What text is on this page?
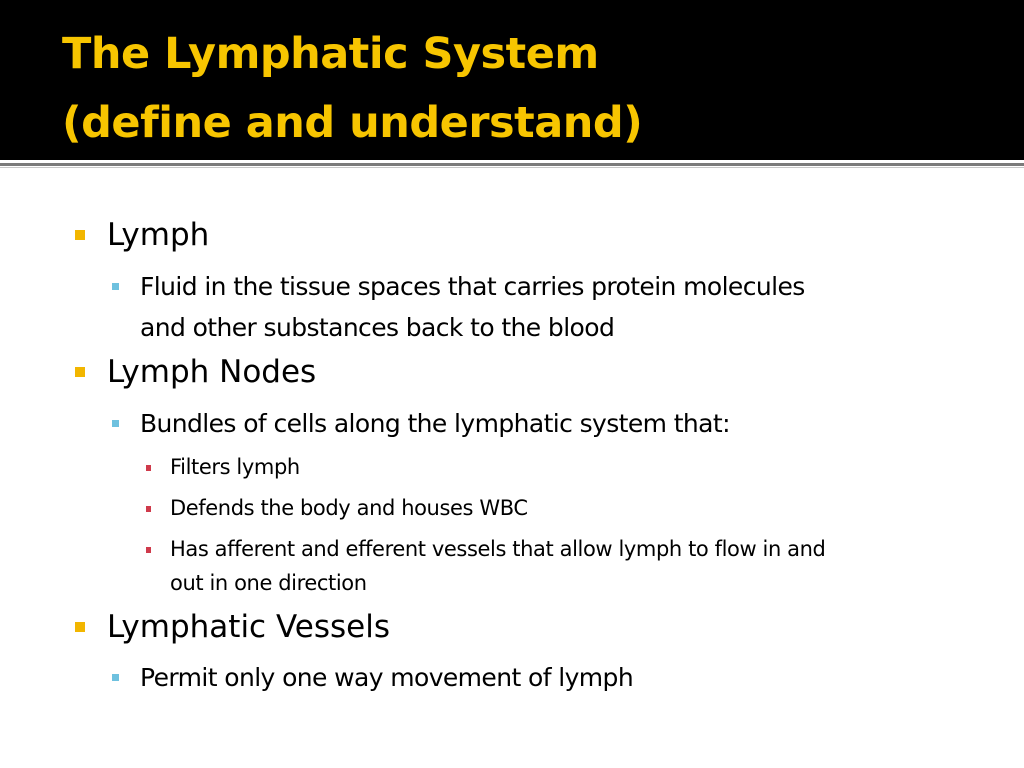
The Lymphatic System
(define and understand)
Lymph
Fluid in the tissue spaces that carries protein molecules
and other substances back to the blood
Lymph Nodes
Bundles of cells along the lymphatic system that:
Filters lymph
Defends the body and houses WBC
Has afferent and efferent vessels that allow lymph to flow in and
out in one direction
Lymphatic Vessels
Permit only one way movement of lymph
